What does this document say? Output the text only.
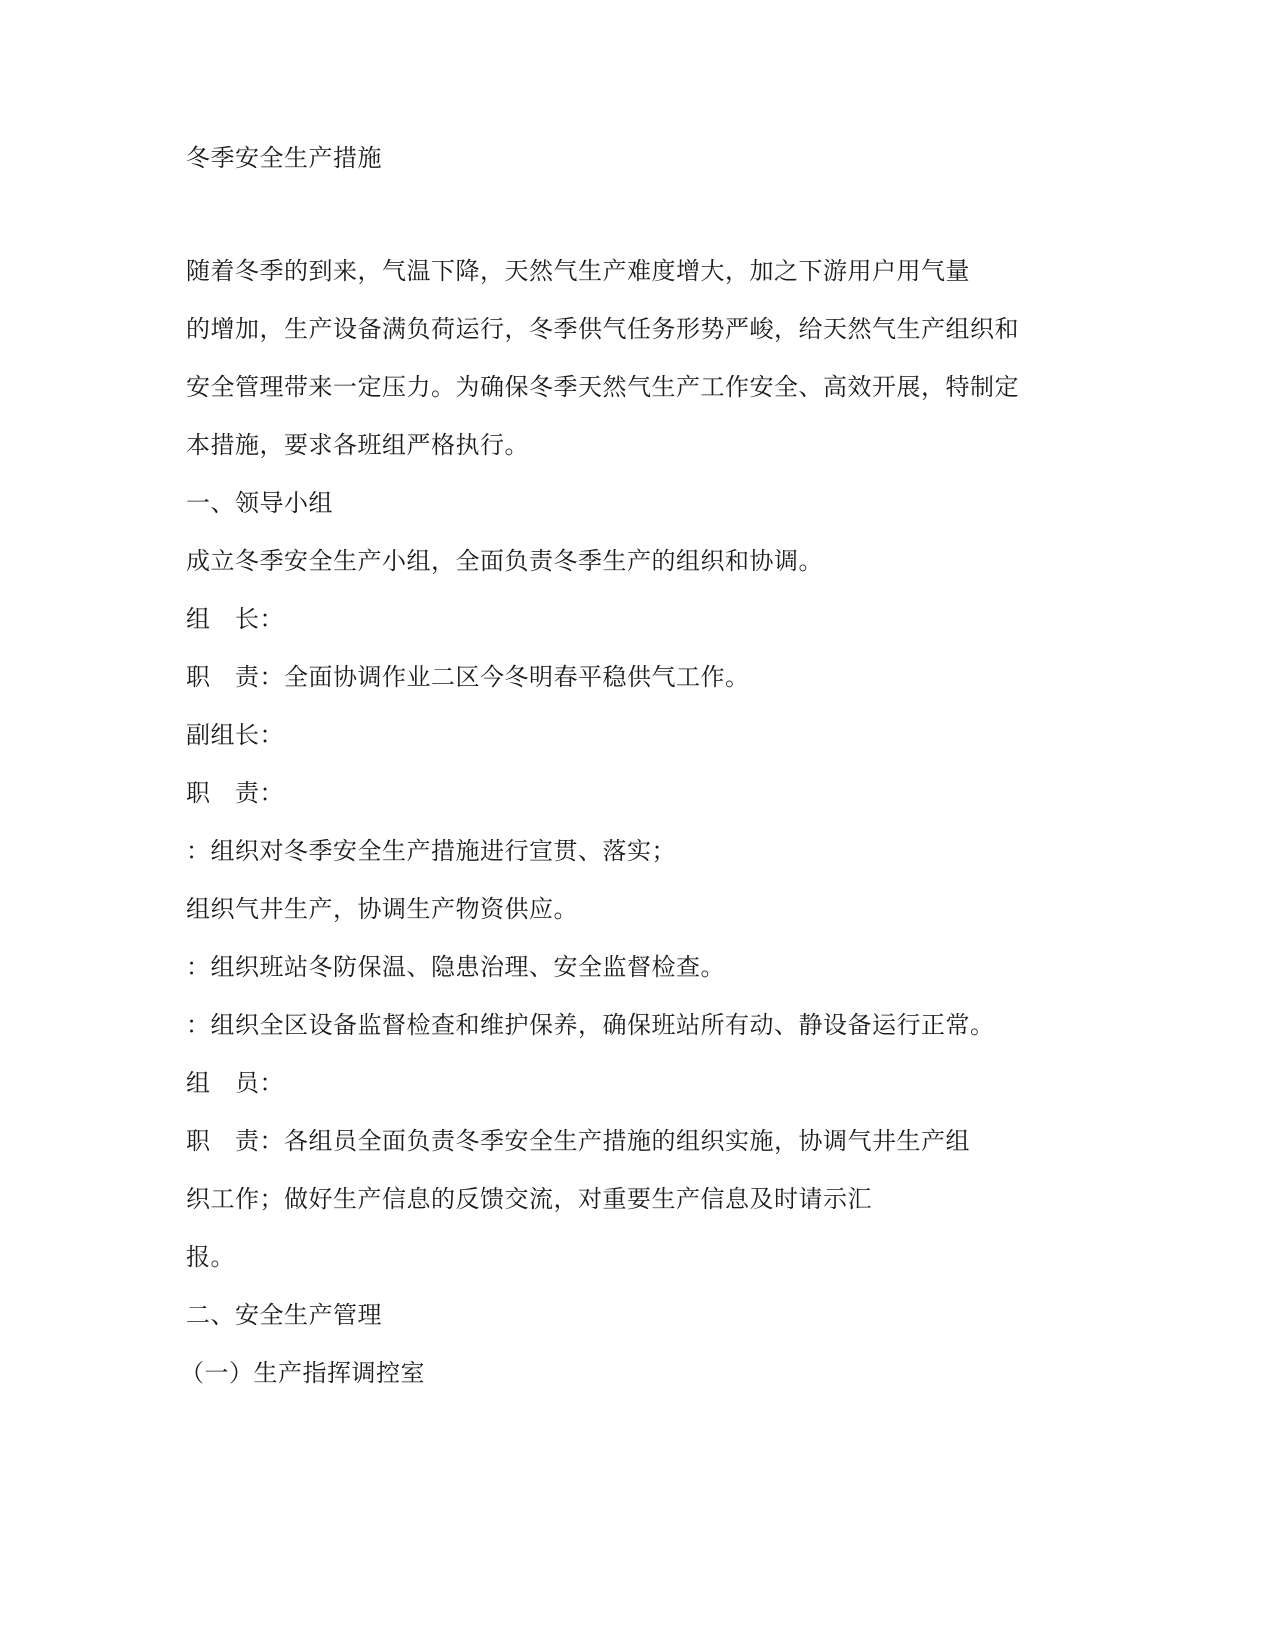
冬季安全生产措施
随着冬季的到来，气温下降，天然气生产难度增大，加之下游用户用气量
的增加，生产设备满负荷运行，冬季供气任务形势严峻，给天然气生产组织和
安全管理带来一定压力。为确保冬季天然气生产工作安全、高效开展，特制定
本措施，要求各班组严格执行。
一、领导小组
成立冬季安全生产小组，全面负责冬季生产的组织和协调。
组　长：
职　责：全面协调作业二区今冬明春平稳供气工作。
副组长：
职　责：
：组织对冬季安全生产措施进行宣贯、落实；
组织气井生产，协调生产物资供应。
：组织班站冬防保温、隐患治理、安全监督检查。
：组织全区设备监督检查和维护保养，确保班站所有动、静设备运行正常。
组　员：
职　责：各组员全面负责冬季安全生产措施的组织实施，协调气井生产组
织工作；做好生产信息的反馈交流，对重要生产信息及时请示汇
报。
二、安全生产管理
（一）生产指挥调控室
